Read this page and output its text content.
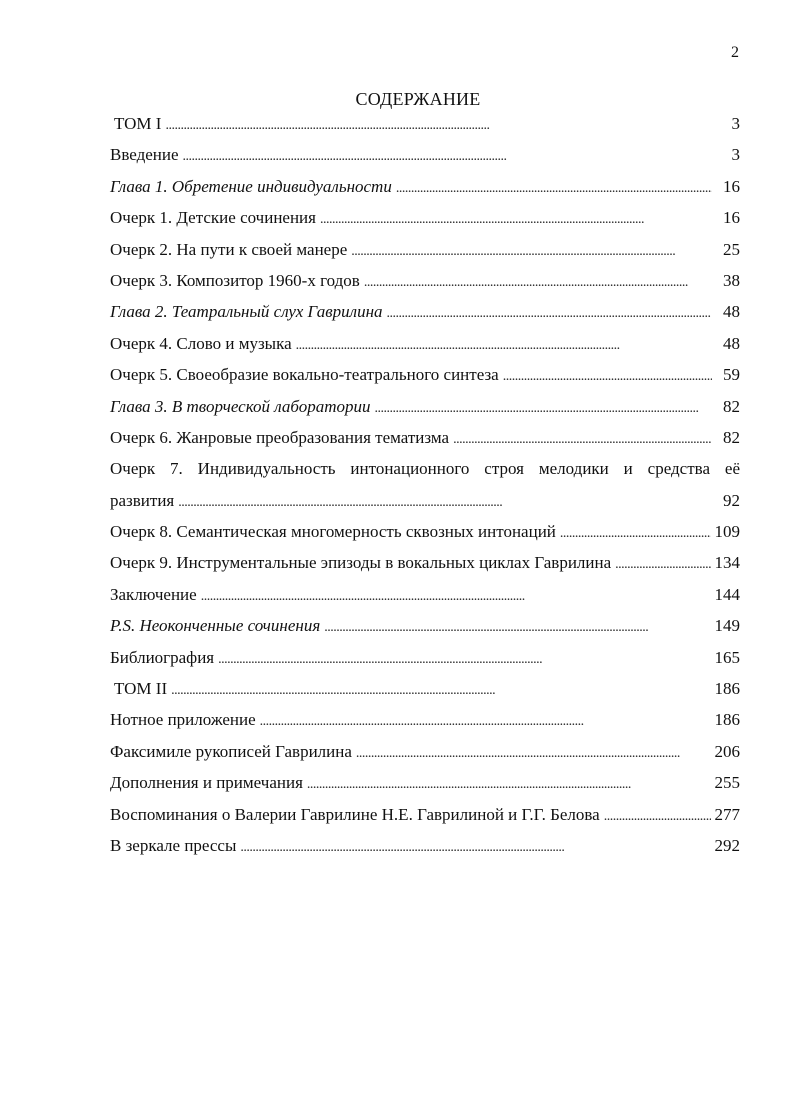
2
СОДЕРЖАНИЕ
ТОМ I . . .	3
Введение . . .	3
Глава 1. Обретение индивидуальности . . .	16
Очерк 1. Детские сочинения . . .	16
Очерк 2. На пути к своей манере . . .	25
Очерк 3. Композитор 1960-х годов . . .	38
Глава 2. Театральный слух Гаврилина . . .	48
Очерк 4. Слово и музыка . . .	48
Очерк 5. Своеобразие вокально-театрального синтеза . . .	59
Глава 3. В творческой лаборатории . . .	82
Очерк 6. Жанровые преобразования тематизма . . .	82
Очерк 7. Индивидуальность интонационного строя мелодики и средства её
развития . . .	92
Очерк 8. Семантическая многомерность сквозных интонаций . . .	109
Очерк 9. Инструментальные эпизоды в вокальных циклах Гаврилина . . .	134
Заключение . . .	144
P.S. Неоконченные сочинения . . .	149
Библиография . . .	165
ТОМ II . . .	186
Нотное приложение . . .	186
Факсимиле рукописей Гаврилина . . .	206
Дополнения и примечания . . .	255
Воспоминания о Валерии Гаврилине Н.Е. Гаврилиной и Г.Г. Белова . . .	277
В зеркале прессы . . .	292
